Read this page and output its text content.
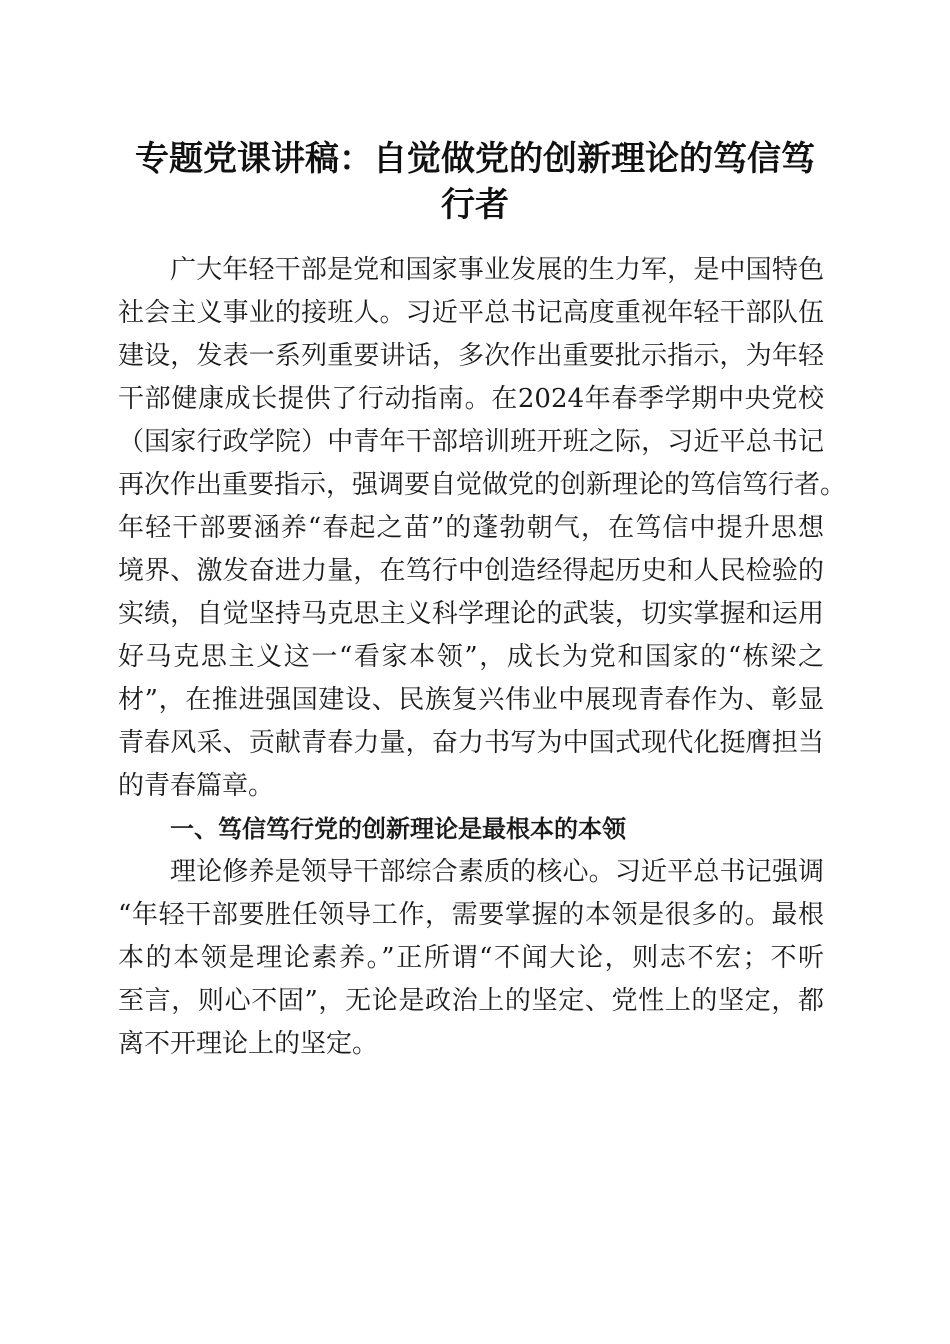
专题党课讲稿：自觉做党的创新理论的笃信笃
行者
广大年轻干部是党和国家事业发展的生力军，是中国特色
社会主义事业的接班人。习近平总书记高度重视年轻干部队伍
建设，发表一系列重要讲话，多次作出重要批示指示，为年轻
干部健康成长提供了行动指南。在2024年春季学期中央党校
（国家行政学院）中青年干部培训班开班之际，习近平总书记
再次作出重要指示，强调要自觉做党的创新理论的笃信笃行者。
年轻干部要涵养“春起之苗”的蓬勃朝气，在笃信中提升思想
境界、激发奋进力量，在笃行中创造经得起历史和人民检验的
实绩，自觉坚持马克思主义科学理论的武装，切实掌握和运用
好马克思主义这一“看家本领”，成长为党和国家的“栋梁之
材”，在推进强国建设、民族复兴伟业中展现青春作为、彰显
青春风采、贡献青春力量，奋力书写为中国式现代化挺膺担当
的青春篇章。
一、笃信笃行党的创新理论是最根本的本领
理论修养是领导干部综合素质的核心。习近平总书记强调
“年轻干部要胜任领导工作，需要掌握的本领是很多的。最根
本的本领是理论素养。”正所谓“不闻大论，则志不宏；不听
至言，则心不固”，无论是政治上的坚定、党性上的坚定，都
离不开理论上的坚定。
